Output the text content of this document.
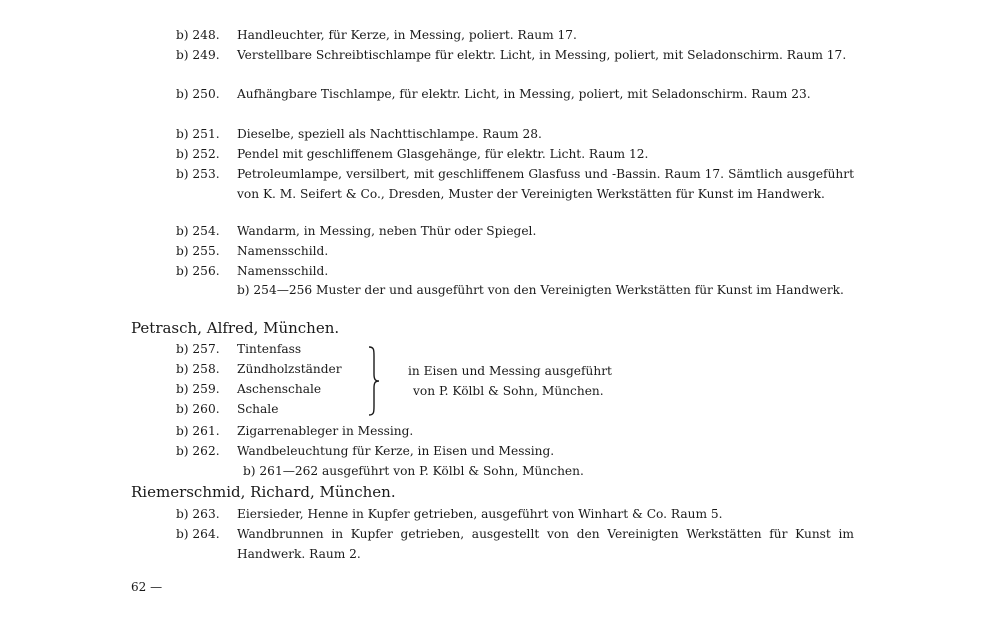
b) 248.	Handleuchter, für Kerze, in Messing, poliert. Raum 17.
b) 249.	Verstellbare Schreibtischlampe für elektr. Licht, in Messing, poliert, mit Seladonschirm. Raum 17.
b) 250.	Aufhängbare Tischlampe, für elektr. Licht, in Messing, poliert, mit Seladonschirm. Raum 23.
b) 251.	Dieselbe, speziell als Nachttischlampe. Raum 28.
b) 252.	Pendel mit geschliffenem Glasgehänge, für elektr. Licht. Raum 12.
b) 253.	Petroleumlampe, versilbert, mit geschliffenem Glasfuss und -Bassin. Raum 17. Sämtlich ausgeführt von K. M. Seifert & Co., Dresden, Muster der Vereinigten Werkstätten für Kunst im Handwerk.
b) 254.	Wandarm, in Messing, neben Thür oder Spiegel.
b) 255.	Namensschild.
b) 256.	Namensschild.
b) 254—256 Muster der und ausgeführt von den Vereinigten Werkstätten für Kunst im Handwerk.
Petrasch, Alfred, München.
b) 257. Tintenfass
b) 258. Zündholzständer
b) 259. Aschenschale
b) 260. Schale
in Eisen und Messing ausgeführt
von P. Kölbl & Sohn, München.
b) 261.	Zigarrenableger in Messing.
b) 262.	Wandbeleuchtung für Kerze, in Eisen und Messing.
b) 261—262 ausgeführt von P. Kölbl & Sohn, München.
Riemerschmid, Richard, München.
b) 263.	Eiersieder, Henne in Kupfer getrieben, ausgeführt von Winhart & Co. Raum 5.
b) 264.	Wandbrunnen in Kupfer getrieben, ausgestellt von den Vereinigten Werkstätten für Kunst im Handwerk. Raum 2.
62 —
